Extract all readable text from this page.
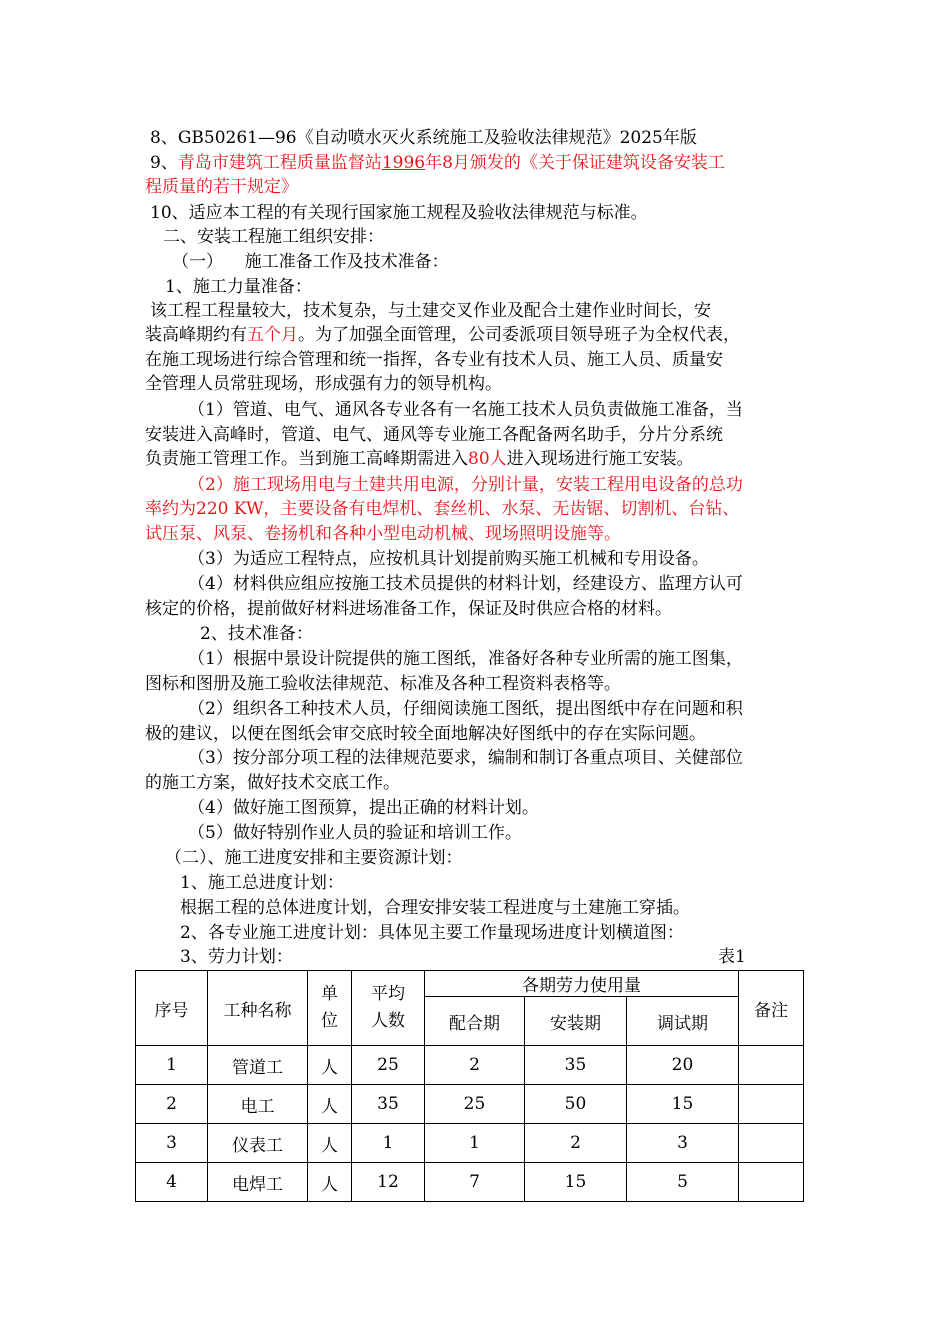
8、GB50261—96《自动喷水灭火系统施工及验收法律规范》2025年版
9、青岛市建筑工程质量监督站1996年8月颁发的《关于保证建筑设备安装工
程质量的若干规定》
10、适应本工程的有关现行国家施工规程及验收法律规范与标准。
二、安装工程施工组织安排：
（一）    施工准备工作及技术准备：
1、施工力量准备：
该工程工程量较大，技术复杂，与土建交叉作业及配合土建作业时间长，安
装高峰期约有五个月。为了加强全面管理，公司委派项目领导班子为全权代表，
在施工现场进行综合管理和统一指挥，各专业有技术人员、施工人员、质量安
全管理人员常驻现场，形成强有力的领导机构。
（1）管道、电气、通风各专业各有一名施工技术人员负责做施工准备，当
安装进入高峰时，管道、电气、通风等专业施工各配备两名助手，分片分系统
负责施工管理工作。当到施工高峰期需进入80人进入现场进行施工安装。
（2）施工现场用电与土建共用电源，分别计量，安装工程用电设备的总功
率约为220 KW，主要设备有电焊机、套丝机、水泵、无齿锯、切割机、台钻、
试压泵、风泵、卷扬机和各种小型电动机械、现场照明设施等。
（3）为适应工程特点，应按机具计划提前购买施工机械和专用设备。
（4）材料供应组应按施工技术员提供的材料计划，经建设方、监理方认可
核定的价格，提前做好材料进场准备工作，保证及时供应合格的材料。
2、技术准备：
（1）根据中景设计院提供的施工图纸，准备好各种专业所需的施工图集，
图标和图册及施工验收法律规范、标准及各种工程资料表格等。
（2）组织各工种技术人员，仔细阅读施工图纸，提出图纸中存在问题和积
极的建议，以便在图纸会审交底时较全面地解决好图纸中的存在实际问题。
（3）按分部分项工程的法律规范要求，编制和制订各重点项目、关健部位
的施工方案，做好技术交底工作。
（4）做好施工图预算，提出正确的材料计划。
（5）做好特别作业人员的验证和培训工作。
（二）、施工进度安排和主要资源计划：
1、施工总进度计划：
根据工程的总体进度计划，合理安排安装工程进度与土建施工穿插。
2、各专业施工进度计划：具体见主要工作量现场进度计划横道图：
3、劳力计划：	表1
序号	工种名称	单位	平均人数	各期劳力使用量			备注
				配合期	安装期	调试期	
1	管道工	人	25	2	35	20	
2	电工	人	35	25	50	15	
3	仪表工	人	1	1	2	3	
4	电焊工	人	12	7	15	5	
